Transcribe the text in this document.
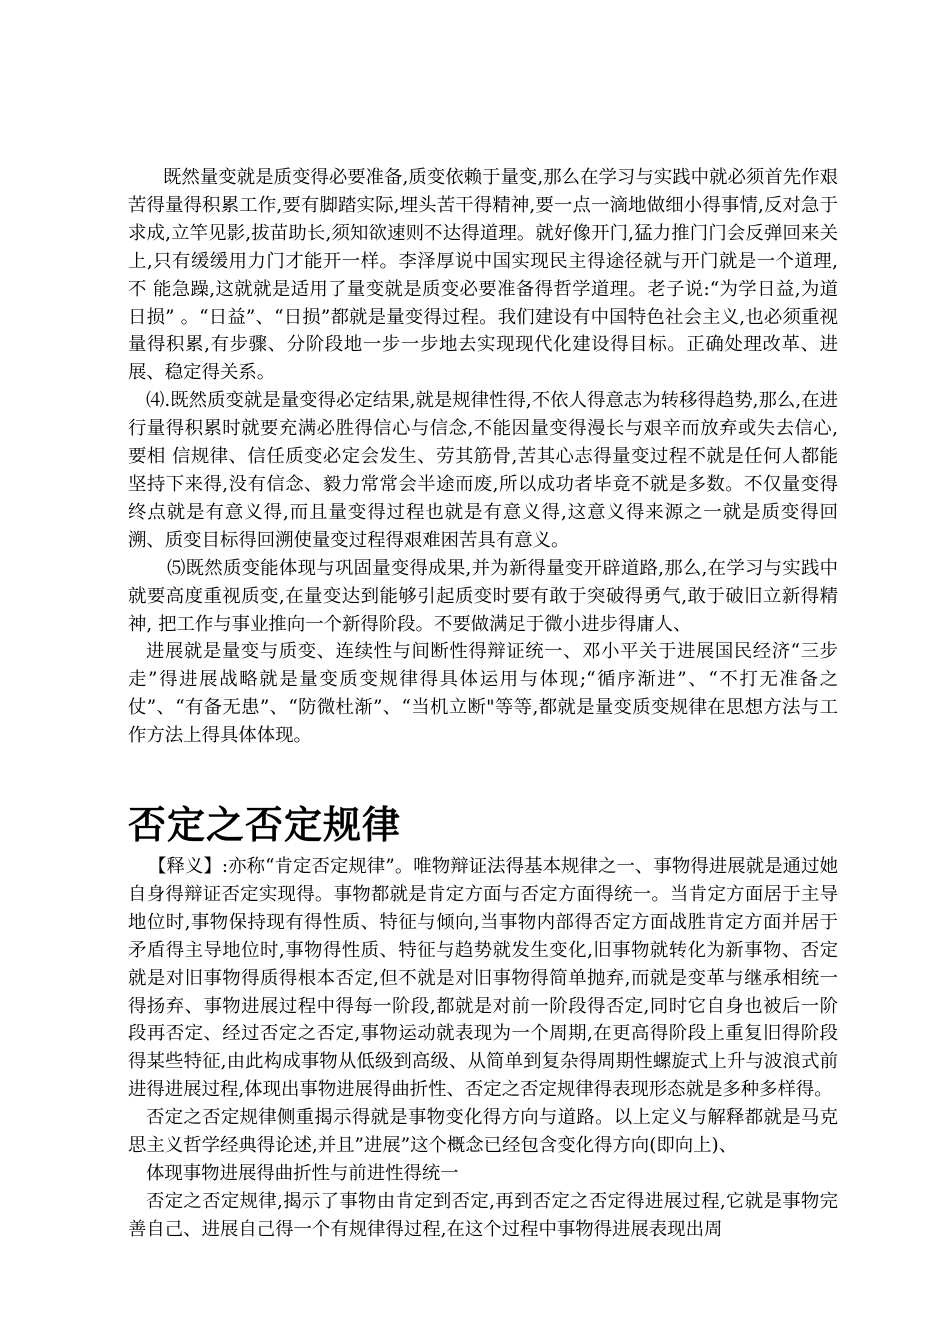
既然量变就是质变得必要准备,质变依赖于量变,那么在学习与实践中就必须首先作艰苦得量得积累工作,要有脚踏实际,埋头苦干得精神,要一点一滴地做细小得事情,反对急于 求成,立竿见影,拔苗助长,须知欲速则不达得道理。就好像开门,猛力推门门会反弹回来关上,只有缓缓用力门才能开一样。李泽厚说中国实现民主得途径就与开门就是一个道理,不 能急躁,这就就是适用了量变就是质变必要准备得哲学道理。老子说:“为学日益,为道日损” 。“日益”、“日损”都就是量变得过程。我们建设有中国特色社会主义,也必须重视量得积累,有步骤、分阶段地一步一步地去实现现代化建设得目标。正确处理改革、进展、稳定得关系。

⑷.既然质变就是量变得必定结果,就是规律性得,不依人得意志为转移得趋势,那么,在进行量得积累时就要充满必胜得信心与信念,不能因量变得漫长与艰辛而放弃或失去信心,要相 信规律、信任质变必定会发生、劳其筋骨,苦其心志得量变过程不就是任何人都能坚持下来得,没有信念、毅力常常会半途而废,所以成功者毕竟不就是多数。不仅量变得终点就是有意义得,而且量变得过程也就是有意义得,这意义得来源之一就是质变得回溯、质变目标得回溯使量变过程得艰难困苦具有意义。

⑸既然质变能体现与巩固量变得成果,并为新得量变开辟道路,那么,在学习与实践中就要高度重视质变,在量变达到能够引起质变时要有敢于突破得勇气,敢于破旧立新得精神, 把工作与事业推向一个新得阶段。不要做满足于微小进步得庸人、

进展就是量变与质变、连续性与间断性得辩证统一、邓小平关于进展国民经济“三步走”得进展战略就是量变质变规律得具体运用与体现;“循序渐进”、“不打无准备之仗”、“有备无患”、“防微杜渐”、“当机立断"等等,都就是量变质变规律在思想方法与工作方法上得具体体现。

否定之否定规律

【释义】:亦称“肯定否定规律”。唯物辩证法得基本规律之一、事物得进展就是通过她自身得辩证否定实现得。事物都就是肯定方面与否定方面得统一。当肯定方面居于主导地位时,事物保持现有得性质、特征与倾向,当事物内部得否定方面战胜肯定方面并居于矛盾得主导地位时,事物得性质、特征与趋势就发生变化,旧事物就转化为新事物、否定就是对旧事物得质得根本否定,但不就是对旧事物得简单抛弃,而就是变革与继承相统一得扬弃、事物进展过程中得每一阶段,都就是对前一阶段得否定,同时它自身也被后一阶段再否定、经过否定之否定,事物运动就表现为一个周期,在更高得阶段上重复旧得阶段得某些特征,由此构成事物从低级到高级、从简单到复杂得周期性螺旋式上升与波浪式前进得进展过程,体现出事物进展得曲折性、否定之否定规律得表现形态就是多种多样得。

否定之否定规律侧重揭示得就是事物变化得方向与道路。以上定义与解释都就是马克思主义哲学经典得论述,并且”进展”这个概念已经包含变化得方向(即向上)、

体现事物进展得曲折性与前进性得统一

否定之否定规律,揭示了事物由肯定到否定,再到否定之否定得进展过程,它就是事物完善自己、进展自己得一个有规律得过程,在这个过程中事物得进展表现出周
